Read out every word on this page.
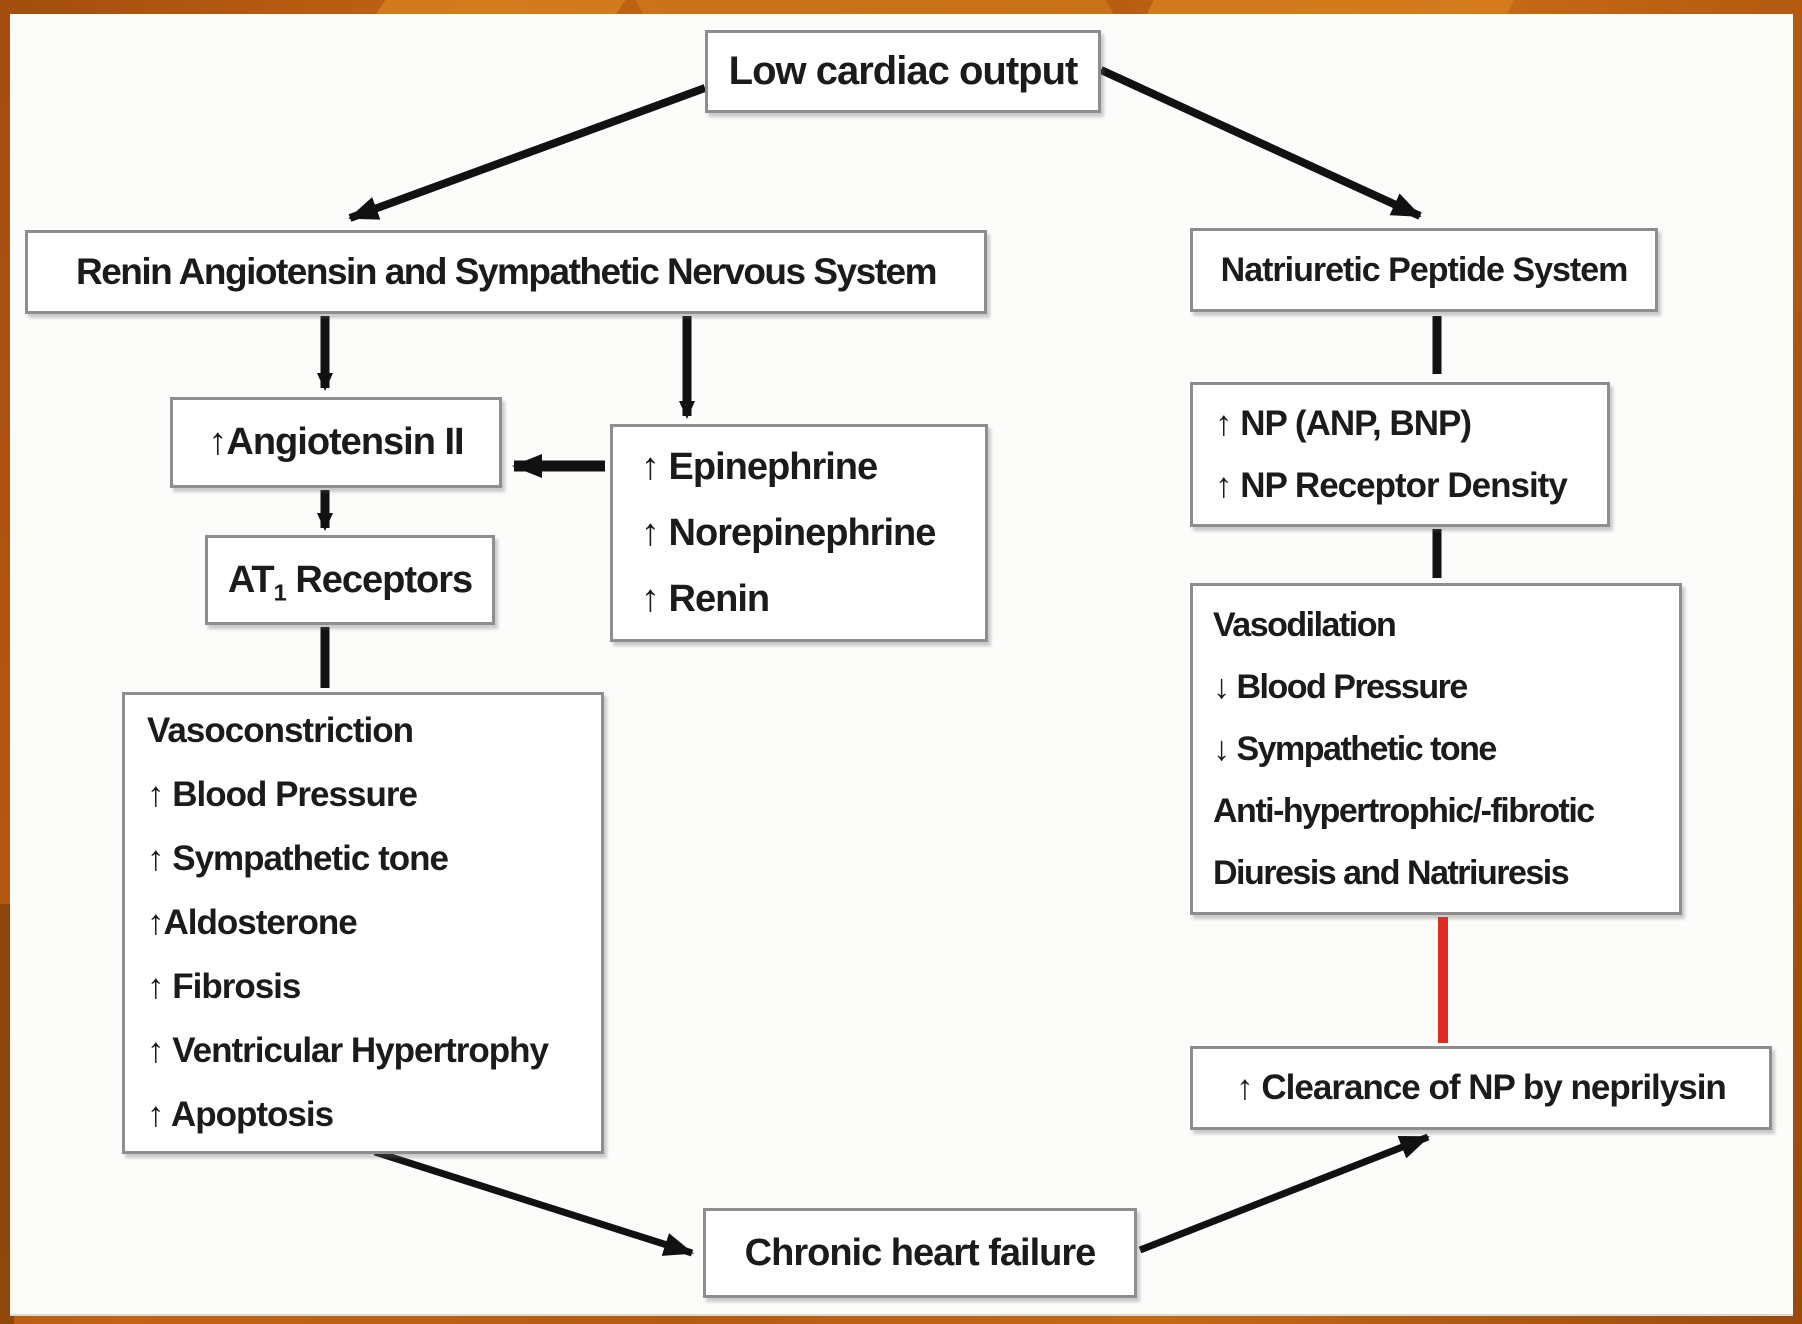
Low cardiac output
Renin Angiotensin and Sympathetic Nervous System	Natriuretic Peptide System
↑Angiotensin II
$AT_1$ Receptors
↑ Epinephrine
↑ Norepinephrine
↑ Renin
Vasoconstriction
↑ Blood Pressure
↑ Sympathetic tone
↑Aldosterone
↑ Fibrosis
↑ Ventricular Hypertrophy
↑ Apoptosis
↑ NP (ANP, BNP)
↑ NP Receptor Density
Vasodilation
↓ Blood Pressure
↓ Sympathetic tone
Anti-hypertrophic/-fibrotic
Diuresis and Natriuresis
↑ Clearance of NP by neprilysin
Chronic heart failure
